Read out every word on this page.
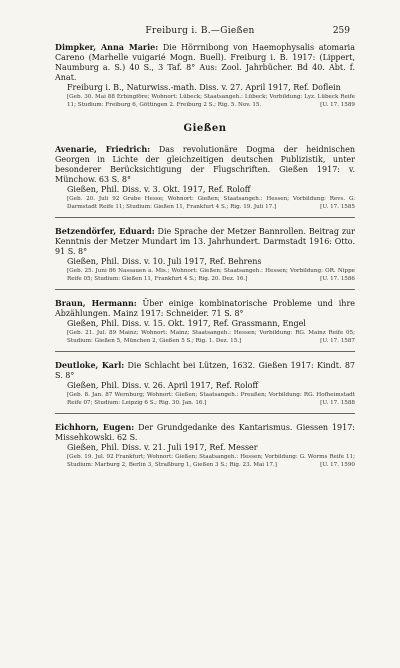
Freiburg i. B.—Gießen	259

Dimpker, Anna Marie: Die Hörrnibong von Haemophysalis atomaria Careno (Marhelle vuigarié Mogn. Buell). Freiburg i. B. 1917: (Lippert, Naumburg a. S.) 40 S., 3 Taf. 8° Aus: Zool. Jahrbücher. Bd 40. Abt. f. Anat.

Freiburg i. B., Naturwiss.-math. Diss. v. 27. April 1917, Ref. Doflein

[Geb. 30. Mai 88 Erbingföre; Wohnort: Lübeck; Staatsangeh.: Lübeck; Vorbildung: Lyz. Lübeck Reife 11; Studium: Freiburg 6, Göttingen 2. Freiburg 2 S.; Rig. 5. Nov. 15.	[U. 17. 1589

Gießen

Avenarie, Friedrich: Das revolutionäre Dogma der heidnischen Georgen in Lichte der gleichzeitigen deutschen Publizistik, unter besonderer Berücksichtigung der Flugschriften. Gießen 1917: v. Münchow. 63 S. 8°

Gießen, Phil. Diss. v. 3. Okt. 1917, Ref. Roloff

[Geb. 20. Juli 92 Grube Hesse; Wohnort: Gießen; Staatsangeh.: Hessen; Vorbildung: Revs. G. Darmstadt Reife 11; Studium: Gießen 11, Frankfurt 4 S.; Rig. 19. Juli 17.]	[U. 17. 1585

Betzendörfer, Eduard: Die Sprache der Metzer Bannrollen. Beitrag zur Kenntnis der Metzer Mundart im 13. Jahrhundert. Darmstadt 1916: Otto. 91 S. 8°

Gießen, Phil. Diss. v. 10. Juli 1917, Ref. Behrens

[Geb. 25. Juni 86 Nassauen a. Mis.; Wohnort: Gießen; Staatsangeh.: Hessen; Vorbildung: OR. Nippe Reife 05; Studium: Gießen 11, Frankfurt 4 S.; Rig. 20. Dez. 16.]	[U. 17. 1586

Braun, Hermann: Über einige kombinatorische Probleme und ihre Abzählungen. Mainz 1917: Schneider. 71 S. 8°

Gießen, Phil. Diss. v. 15. Okt. 1917, Ref. Grassmann, Engel

[Geb. 21. Jul. 89 Mainz; Wohnort: Mainz; Staatsangeh.: Hessen; Vorbildung: RG. Mainz Reife 05; Studium: Gießen 5, München 2, Gießen 5 S.; Rig. 1. Dez. 15.]	[U. 17. 1587

Deutloke, Karl: Die Schlacht bei Lützen, 1632. Gießen 1917: Kindt. 87 S. 8°

Gießen, Phil. Diss. v. 26. April 1917, Ref. Roloff

[Geb. 8. Jan. 87 Wernburg; Wohnort: Gießen; Staatsangeh.: Preußen; Vorbildung: RG. Hofheimstadt Reife 07; Studium: Leipzig 6 S.; Rig. 30. Jan. 16.]	[U. 17. 1588

Eichhorn, Eugen: Der Grundgedanke des Kantarismus. Giessen 1917: Missehkowski. 62 S.

Gießen, Phil. Diss. v. 21. Juli 1917, Ref. Messer

[Geb. 19. Jul. 92 Frankfurt; Wohnort: Gießen; Staatsangeh.: Hessen; Vorbildung: G. Worms Reife 11; Studium: Marburg 2, Berlin 3, Straßburg 1, Gießen 3 S.; Rig. 23. Mai 17.]	[U. 17. 1590
